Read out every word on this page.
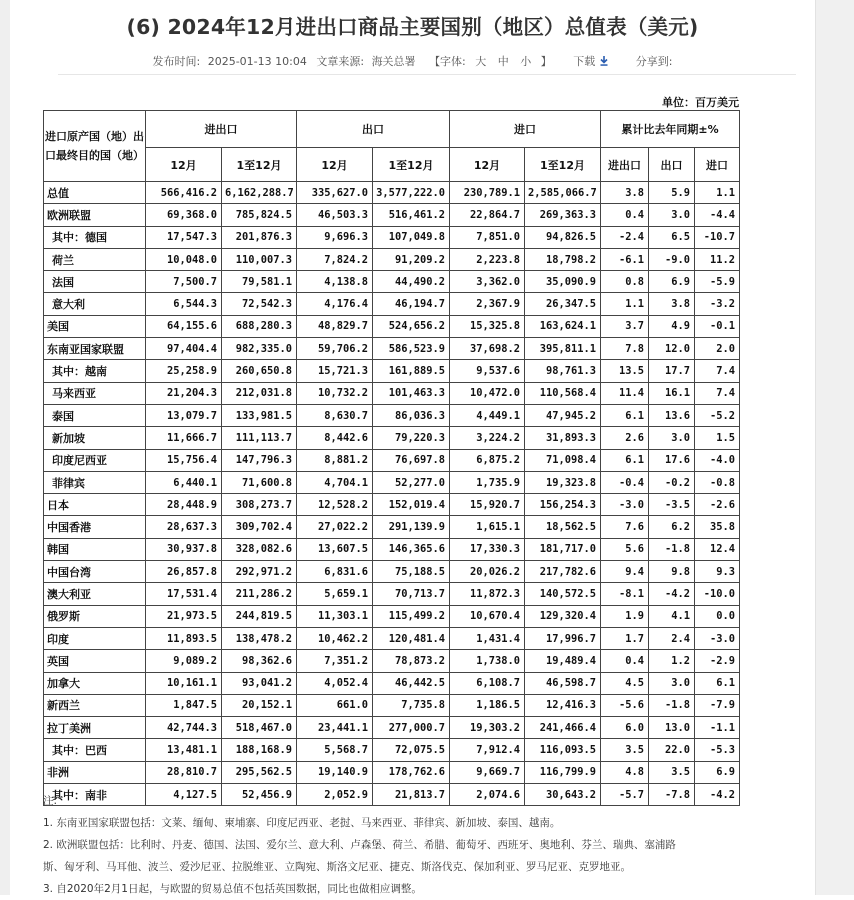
(6) 2024年12月进出口商品主要国别（地区）总值表（美元)
发布时间: 2025-01-13 10:04 文章来源: 海关总署 【字体: 大 中 小 】 下载	分享到:
单位：百万美元
进口原产国（地）出口最终目的国（地）	进出口		出口		进口		累计比去年同期±%		
	12月	1至12月	12月	1至12月	12月	1至12月	进出口	出口	进口
总值	566,416.2	6,162,288.7	335,627.0	3,577,222.0	230,789.1	2,585,066.7	3.8	5.9	1.1
欧洲联盟	69,368.0	785,824.5	46,503.3	516,461.2	22,864.7	269,363.3	0.4	3.0	-4.4
其中：德国	17,547.3	201,876.3	9,696.3	107,049.8	7,851.0	94,826.5	-2.4	6.5	-10.7
荷兰	10,048.0	110,007.3	7,824.2	91,209.2	2,223.8	18,798.2	-6.1	-9.0	11.2
法国	7,500.7	79,581.1	4,138.8	44,490.2	3,362.0	35,090.9	0.8	6.9	-5.9
意大利	6,544.3	72,542.3	4,176.4	46,194.7	2,367.9	26,347.5	1.1	3.8	-3.2
美国	64,155.6	688,280.3	48,829.7	524,656.2	15,325.8	163,624.1	3.7	4.9	-0.1
东南亚国家联盟	97,404.4	982,335.0	59,706.2	586,523.9	37,698.2	395,811.1	7.8	12.0	2.0
其中：越南	25,258.9	260,650.8	15,721.3	161,889.5	9,537.6	98,761.3	13.5	17.7	7.4
马来西亚	21,204.3	212,031.8	10,732.2	101,463.3	10,472.0	110,568.4	11.4	16.1	7.4
泰国	13,079.7	133,981.5	8,630.7	86,036.3	4,449.1	47,945.2	6.1	13.6	-5.2
新加坡	11,666.7	111,113.7	8,442.6	79,220.3	3,224.2	31,893.3	2.6	3.0	1.5
印度尼西亚	15,756.4	147,796.3	8,881.2	76,697.8	6,875.2	71,098.4	6.1	17.6	-4.0
菲律宾	6,440.1	71,600.8	4,704.1	52,277.0	1,735.9	19,323.8	-0.4	-0.2	-0.8
日本	28,448.9	308,273.7	12,528.2	152,019.4	15,920.7	156,254.3	-3.0	-3.5	-2.6
中国香港	28,637.3	309,702.4	27,022.2	291,139.9	1,615.1	18,562.5	7.6	6.2	35.8
韩国	30,937.8	328,082.6	13,607.5	146,365.6	17,330.3	181,717.0	5.6	-1.8	12.4
中国台湾	26,857.8	292,971.2	6,831.6	75,188.5	20,026.2	217,782.6	9.4	9.8	9.3
澳大利亚	17,531.4	211,286.2	5,659.1	70,713.7	11,872.3	140,572.5	-8.1	-4.2	-10.0
俄罗斯	21,973.5	244,819.5	11,303.1	115,499.2	10,670.4	129,320.4	1.9	4.1	0.0
印度	11,893.5	138,478.2	10,462.2	120,481.4	1,431.4	17,996.7	1.7	2.4	-3.0
英国	9,089.2	98,362.6	7,351.2	78,873.2	1,738.0	19,489.4	0.4	1.2	-2.9
加拿大	10,161.1	93,041.2	4,052.4	46,442.5	6,108.7	46,598.7	4.5	3.0	6.1
新西兰	1,847.5	20,152.1	661.0	7,735.8	1,186.5	12,416.3	-5.6	-1.8	-7.9
拉丁美洲	42,744.3	518,467.0	23,441.1	277,000.7	19,303.2	241,466.4	6.0	13.0	-1.1
其中：巴西	13,481.1	188,168.9	5,568.7	72,075.5	7,912.4	116,093.5	3.5	22.0	-5.3
非洲	28,810.7	295,562.5	19,140.9	178,762.6	9,669.7	116,799.9	4.8	3.5	6.9
其中：南非	4,127.5	52,456.9	2,052.9	21,813.7	2,074.6	30,643.2	-5.7	-7.8	-4.2

注:

1. 东南亚国家联盟包括：文莱、缅甸、柬埔寨、印度尼西亚、老挝、马来西亚、菲律宾、新加坡、泰国、越南。

2. 欧洲联盟包括：比利时、丹麦、德国、法国、爱尔兰、意大利、卢森堡、荷兰、希腊、葡萄牙、西班牙、奥地利、芬兰、瑞典、塞浦路

斯、匈牙利、马耳他、波兰、爱沙尼亚、拉脱维亚、立陶宛、斯洛文尼亚、捷克、斯洛伐克、保加利亚、罗马尼亚、克罗地亚。

3. 自2020年2月1日起，与欧盟的贸易总值不包括英国数据，同比也做相应调整。
